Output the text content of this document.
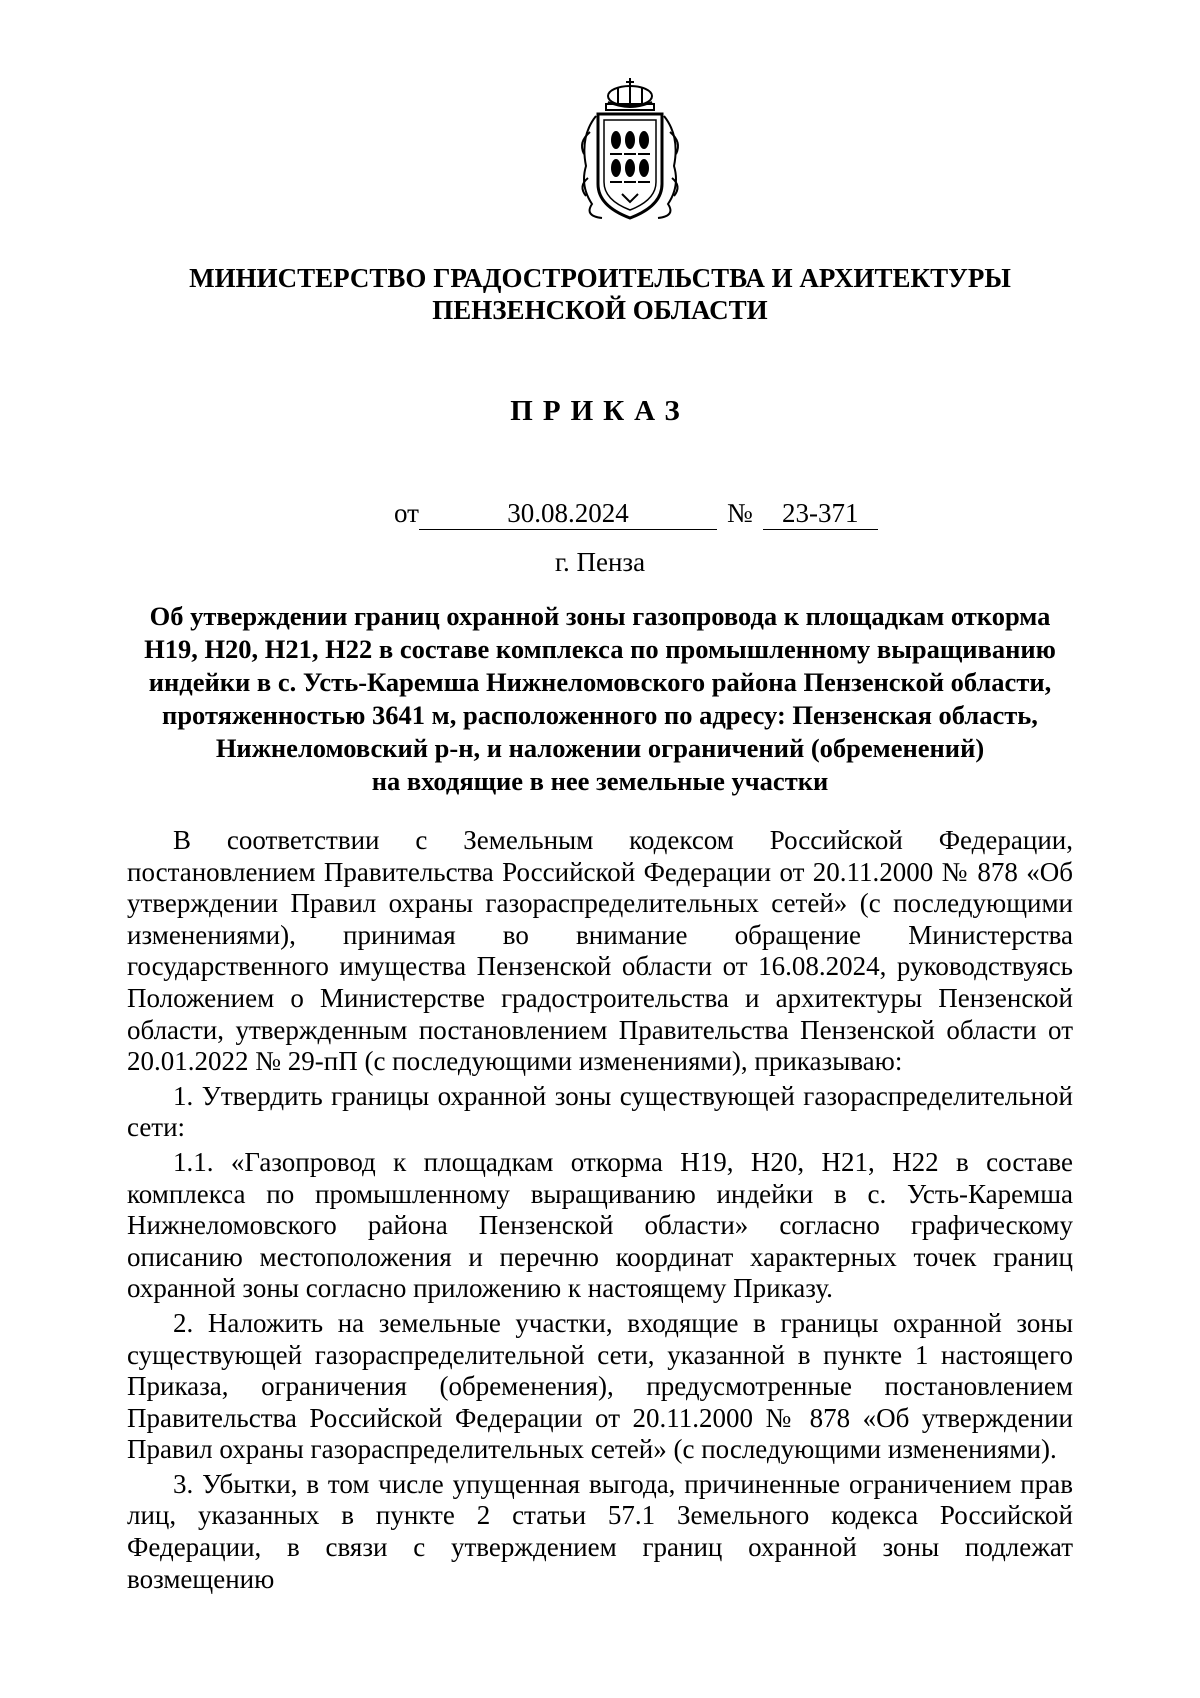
МИНИСТЕРСТВО ГРАДОСТРОИТЕЛЬСТВА И АРХИТЕКТУРЫ
ПЕНЗЕНСКОЙ ОБЛАСТИ
ПРИКАЗ
от	30.08.2024	№ 23-371
г. Пенза
Об утверждении границ охранной зоны газопровода к площадкам откорма
Н19, Н20, Н21, Н22 в составе комплекса по промышленному выращиванию
индейки в с. Усть-Каремша Нижнеломовского района Пензенской области,
протяженностью 3641 м, расположенного по адресу: Пензенская область,
Нижнеломовский р-н, и наложении ограничений (обременений)
на входящие в нее земельные участки

В соответствии с Земельным кодексом Российской Федерации, постановлением Правительства Российской Федерации от 20.11.2000 № 878 «Об утверждении Правил охраны газораспределительных сетей» (с последующими изменениями), принимая во внимание обращение Министерства государственного имущества Пензенской области от 16.08.2024, руководствуясь Положением о Министерстве градостроительства и архитектуры Пензенской области, утвержденным постановлением Правительства Пензенской области от 20.01.2022 № 29-пП (с последующими изменениями), приказываю:

1. Утвердить границы охранной зоны существующей газораспределительной сети:

1.1. «Газопровод к площадкам откорма Н19, Н20, Н21, Н22 в составе комплекса по промышленному выращиванию индейки в с. Усть-Каремша Нижнеломовского района Пензенской области» согласно графическому описанию местоположения и перечню координат характерных точек границ охранной зоны согласно приложению к настоящему Приказу.

2. Наложить на земельные участки, входящие в границы охранной зоны существующей газораспределительной сети, указанной в пункте 1 настоящего Приказа, ограничения (обременения), предусмотренные постановлением Правительства Российской Федерации от 20.11.2000 № 878 «Об утверждении Правил охраны газораспределительных сетей» (с последующими изменениями).

3. Убытки, в том числе упущенная выгода, причиненные ограничением прав лиц, указанных в пункте 2 статьи 57.1 Земельного кодекса Российской Федерации, в связи с утверждением границ охранной зоны подлежат возмещению
